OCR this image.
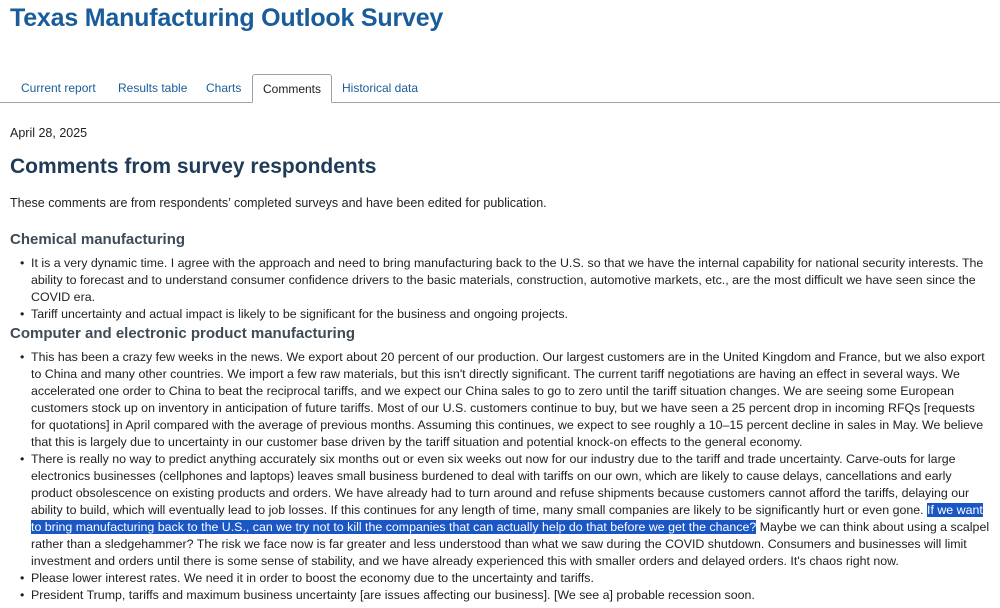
Texas Manufacturing Outlook Survey
Current report	Results table	Charts	Comments	Historical data
April 28, 2025
Comments from survey respondents
These comments are from respondents’ completed surveys and have been edited for publication.
Chemical manufacturing
• It is a very dynamic time. I agree with the approach and need to bring manufacturing back to the U.S. so that we have the internal capability for national security interests. The ability to forecast and to understand consumer confidence drivers to the basic materials, construction, automotive markets, etc., are the most difficult we have seen since the COVID era.
• Tariff uncertainty and actual impact is likely to be significant for the business and ongoing projects.
Computer and electronic product manufacturing
• This has been a crazy few weeks in the news. We export about 20 percent of our production. Our largest customers are in the United Kingdom and France, but we also export to China and many other countries. We import a few raw materials, but this isn't directly significant. The current tariff negotiations are having an effect in several ways. We accelerated one order to China to beat the reciprocal tariffs, and we expect our China sales to go to zero until the tariff situation changes. We are seeing some European customers stock up on inventory in anticipation of future tariffs. Most of our U.S. customers continue to buy, but we have seen a 25 percent drop in incoming RFQs [requests for quotations] in April compared with the average of previous months. Assuming this continues, we expect to see roughly a 10–15 percent decline in sales in May. We believe that this is largely due to uncertainty in our customer base driven by the tariff situation and potential knock-on effects to the general economy.
• There is really no way to predict anything accurately six months out or even six weeks out now for our industry due to the tariff and trade uncertainty. Carve-outs for large electronics businesses (cellphones and laptops) leaves small business burdened to deal with tariffs on our own, which are likely to cause delays, cancellations and early product obsolescence on existing products and orders. We have already had to turn around and refuse shipments because customers cannot afford the tariffs, delaying our ability to build, which will eventually lead to job losses. If this continues for any length of time, many small companies are likely to be significantly hurt or even gone. If we want to bring manufacturing back to the U.S., can we try not to kill the companies that can actually help do that before we get the chance? Maybe we can think about using a scalpel rather than a sledgehammer? The risk we face now is far greater and less understood than what we saw during the COVID shutdown. Consumers and businesses will limit investment and orders until there is some sense of stability, and we have already experienced this with smaller orders and delayed orders. It's chaos right now.
• Please lower interest rates. We need it in order to boost the economy due to the uncertainty and tariffs.
• President Trump, tariffs and maximum business uncertainty [are issues affecting our business]. [We see a] probable recession soon.
